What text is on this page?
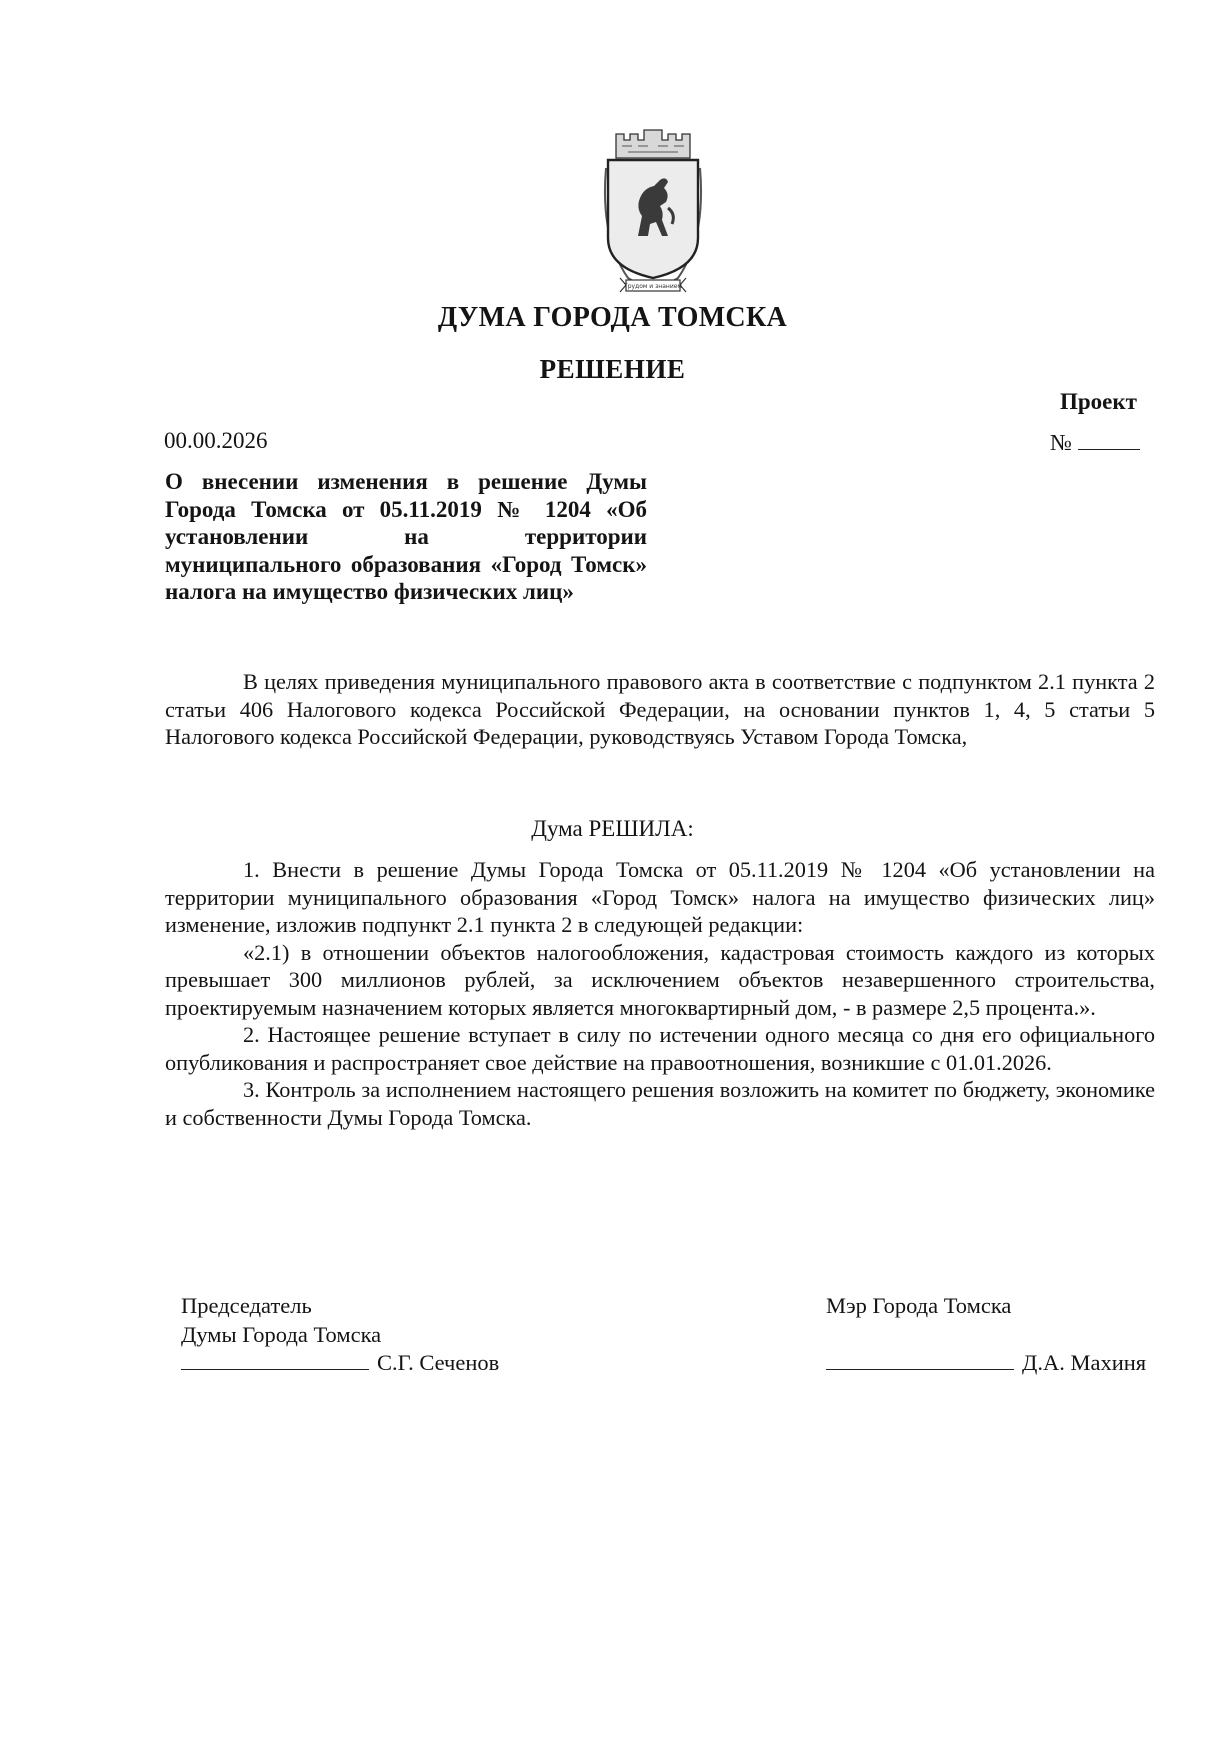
Трудом и знанием
ДУМА ГОРОДА ТОМСКА
РЕШЕНИЕ
Проект
№
00.00.2026

О внесении изменения в решение Думы Города Томска от 05.11.2019 № 1204 «Об установлении на территории муниципального образования «Город Томск» налога на имущество физических лиц»

В целях приведения муниципального правового акта в соответствие с подпунктом 2.1 пункта 2 статьи 406 Налогового кодекса Российской Федерации, на основании пунктов 1, 4, 5 статьи 5 Налогового кодекса Российской Федерации, руководствуясь Уставом Города Томска,

Дума РЕШИЛА:

1. Внести в решение Думы Города Томска от 05.11.2019 № 1204 «Об установлении на территории муниципального образования «Город Томск» налога на имущество физических лиц» изменение, изложив подпункт 2.1 пункта 2 в следующей редакции:

«2.1) в отношении объектов налогообложения, кадастровая стоимость каждого из которых превышает 300 миллионов рублей, за исключением объектов незавершенного строительства, проектируемым назначением которых является многоквартирный дом, - в размере 2,5 процента.».

2. Настоящее решение вступает в силу по истечении одного месяца со дня его официального опубликования и распространяет свое действие на правоотношения, возникшие с 01.01.2026.

3. Контроль за исполнением настоящего решения возложить на комитет по бюджету, экономике и собственности Думы Города Томска.

Председатель
Думы Города Томска
С.Г. Сеченов
Мэр Города Томска
Д.А. Махиня
